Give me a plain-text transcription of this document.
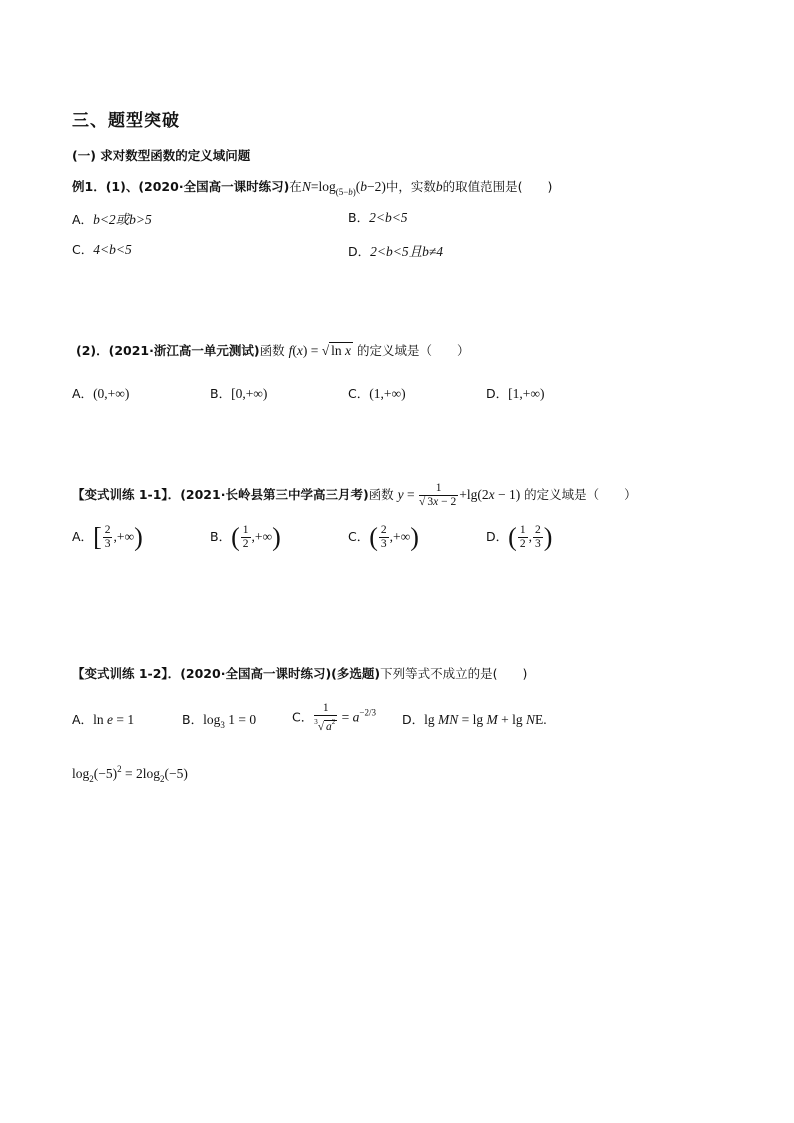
三、题型突破
(一) 求对数型函数的定义域问题
例1．(1)、(2020·全国高一课时练习)在$N=\log_{(5-b)}(b-2)$中，实数b的取值范围是(　　)
A．b<2或b>5	B．2<b<5
C．4<b<5	D．2<b<5且b≠4
(2)．(2021·浙江高一单元测试)函数 f(x) = √ ln x 的定义域是（　　）
A．(0,+∞)	B．[0,+∞)	C．(1,+∞)	D．[1,+∞)
【变式训练 1-1】．(2021·长岭县第三中学高三月考)函数 $y = \frac{1}{√ 3x - 2} +\lg(2x - 1)$ 的定义域是（　　）
A．[ $\frac{2}{3}$ ,+∞)	B．( $\frac{1}{2}$ ,+∞)	C．( $\frac{2}{3}$ ,+∞)	D．( $\frac{1}{2}$ , $\frac{2}{3}$ )
【变式训练 1-2】．(2020·全国高一课时练习)(多选题)下列等式不成立的是(　　)
A．ln e = 1	B．$\log_3 1 = 0$	C． $\frac{1}{^3√ a^2} = a^{-2/3}$ D．lg MN = lg M + lg NE.
$\log_2(-5)^2 = 2\log_2(-5)$
